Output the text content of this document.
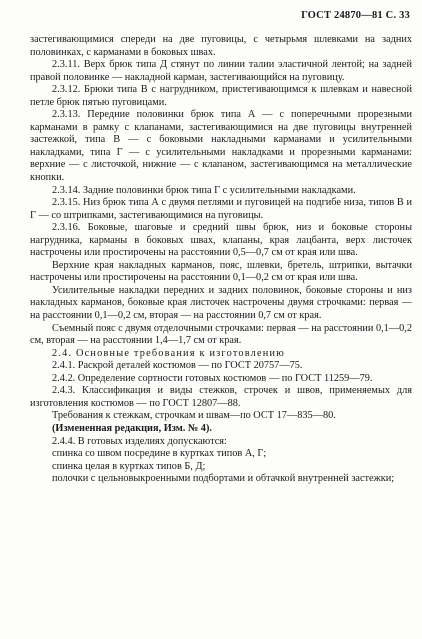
ГОСТ 24870—81 С. 33

застегивающимися спереди на две пуговицы, с четырьмя шлевками на задних половинках, с карманами в боковых швах.

2.3.11. Верх брюк типа Д стянут по линии талии эластичной лентой; на задней правой половинке — накладной карман, застегивающийся на пуговицу.

2.3.12. Брюки типа В с нагрудником, пристегивающимся к шлевкам и навесной петле брюк пятью пуговицами.

2.3.13. Передние половинки брюк типа А — с поперечными прорезными карманами в рамку с клапанами, застегивающимися на две пуговицы внутренней застежкой, типа В — с боковыми накладными карманами и усилительными накладками, типа Г — с усилительными накладками и прорезными карманами: верхние — с листочкой, нижние — с клапаном, застегивающимся на металлические кнопки.

2.3.14. Задние половинки брюк типа Г с усилительными накладками.

2.3.15. Низ брюк типа А с двумя петлями и пуговицей на подгибе низа, типов В и Г — со штрипками, застегивающимися на пуговицы.

2.3.16. Боковые, шаговые и средний швы брюк, низ и боковые стороны нагрудника, карманы в боковых швах, клапаны, края лацбанта, верх листочек настрочены или простирочены на расстоянии 0,5—0,7 см от края или шва.

Верхние края накладных карманов, пояс, шлевки, бретель, штрипки, вытачки настрочены или простирочены на расстоянии 0,1—0,2 см от края или шва.

Усилительные накладки передних и задних половинок, боковые стороны и низ накладных карманов, боковые края листочек настрочены двумя строчками: первая — на расстоянии 0,1—0,2 см, вторая — на расстоянии 0,7 см от края.

Съемный пояс с двумя отделочными строчками: первая — на расстоянии 0,1—0,2 см, вторая — на расстоянии 1,4—1,7 см от края.

2.4. Основные требования к изготовлению

2.4.1. Раскрой деталей костюмов — по ГОСТ 20757—75.

2.4.2. Определение сортности готовых костюмов — по ГОСТ 11259—79.

2.4.3. Классификация и виды стежков, строчек и швов, применяемых для изготовления костюмов — по ГОСТ 12807—88.

Требования к стежкам, строчкам и швам—по ОСТ 17—835—80.

(Измененная редакция, Изм. № 4).

2.4.4. В готовых изделиях допускаются:

спинка со швом посредине в куртках типов А, Г;

спинка целая в куртках типов Б, Д;

полочки с цельновыкроенными подбортами и обтачкой внутренней застежки;
